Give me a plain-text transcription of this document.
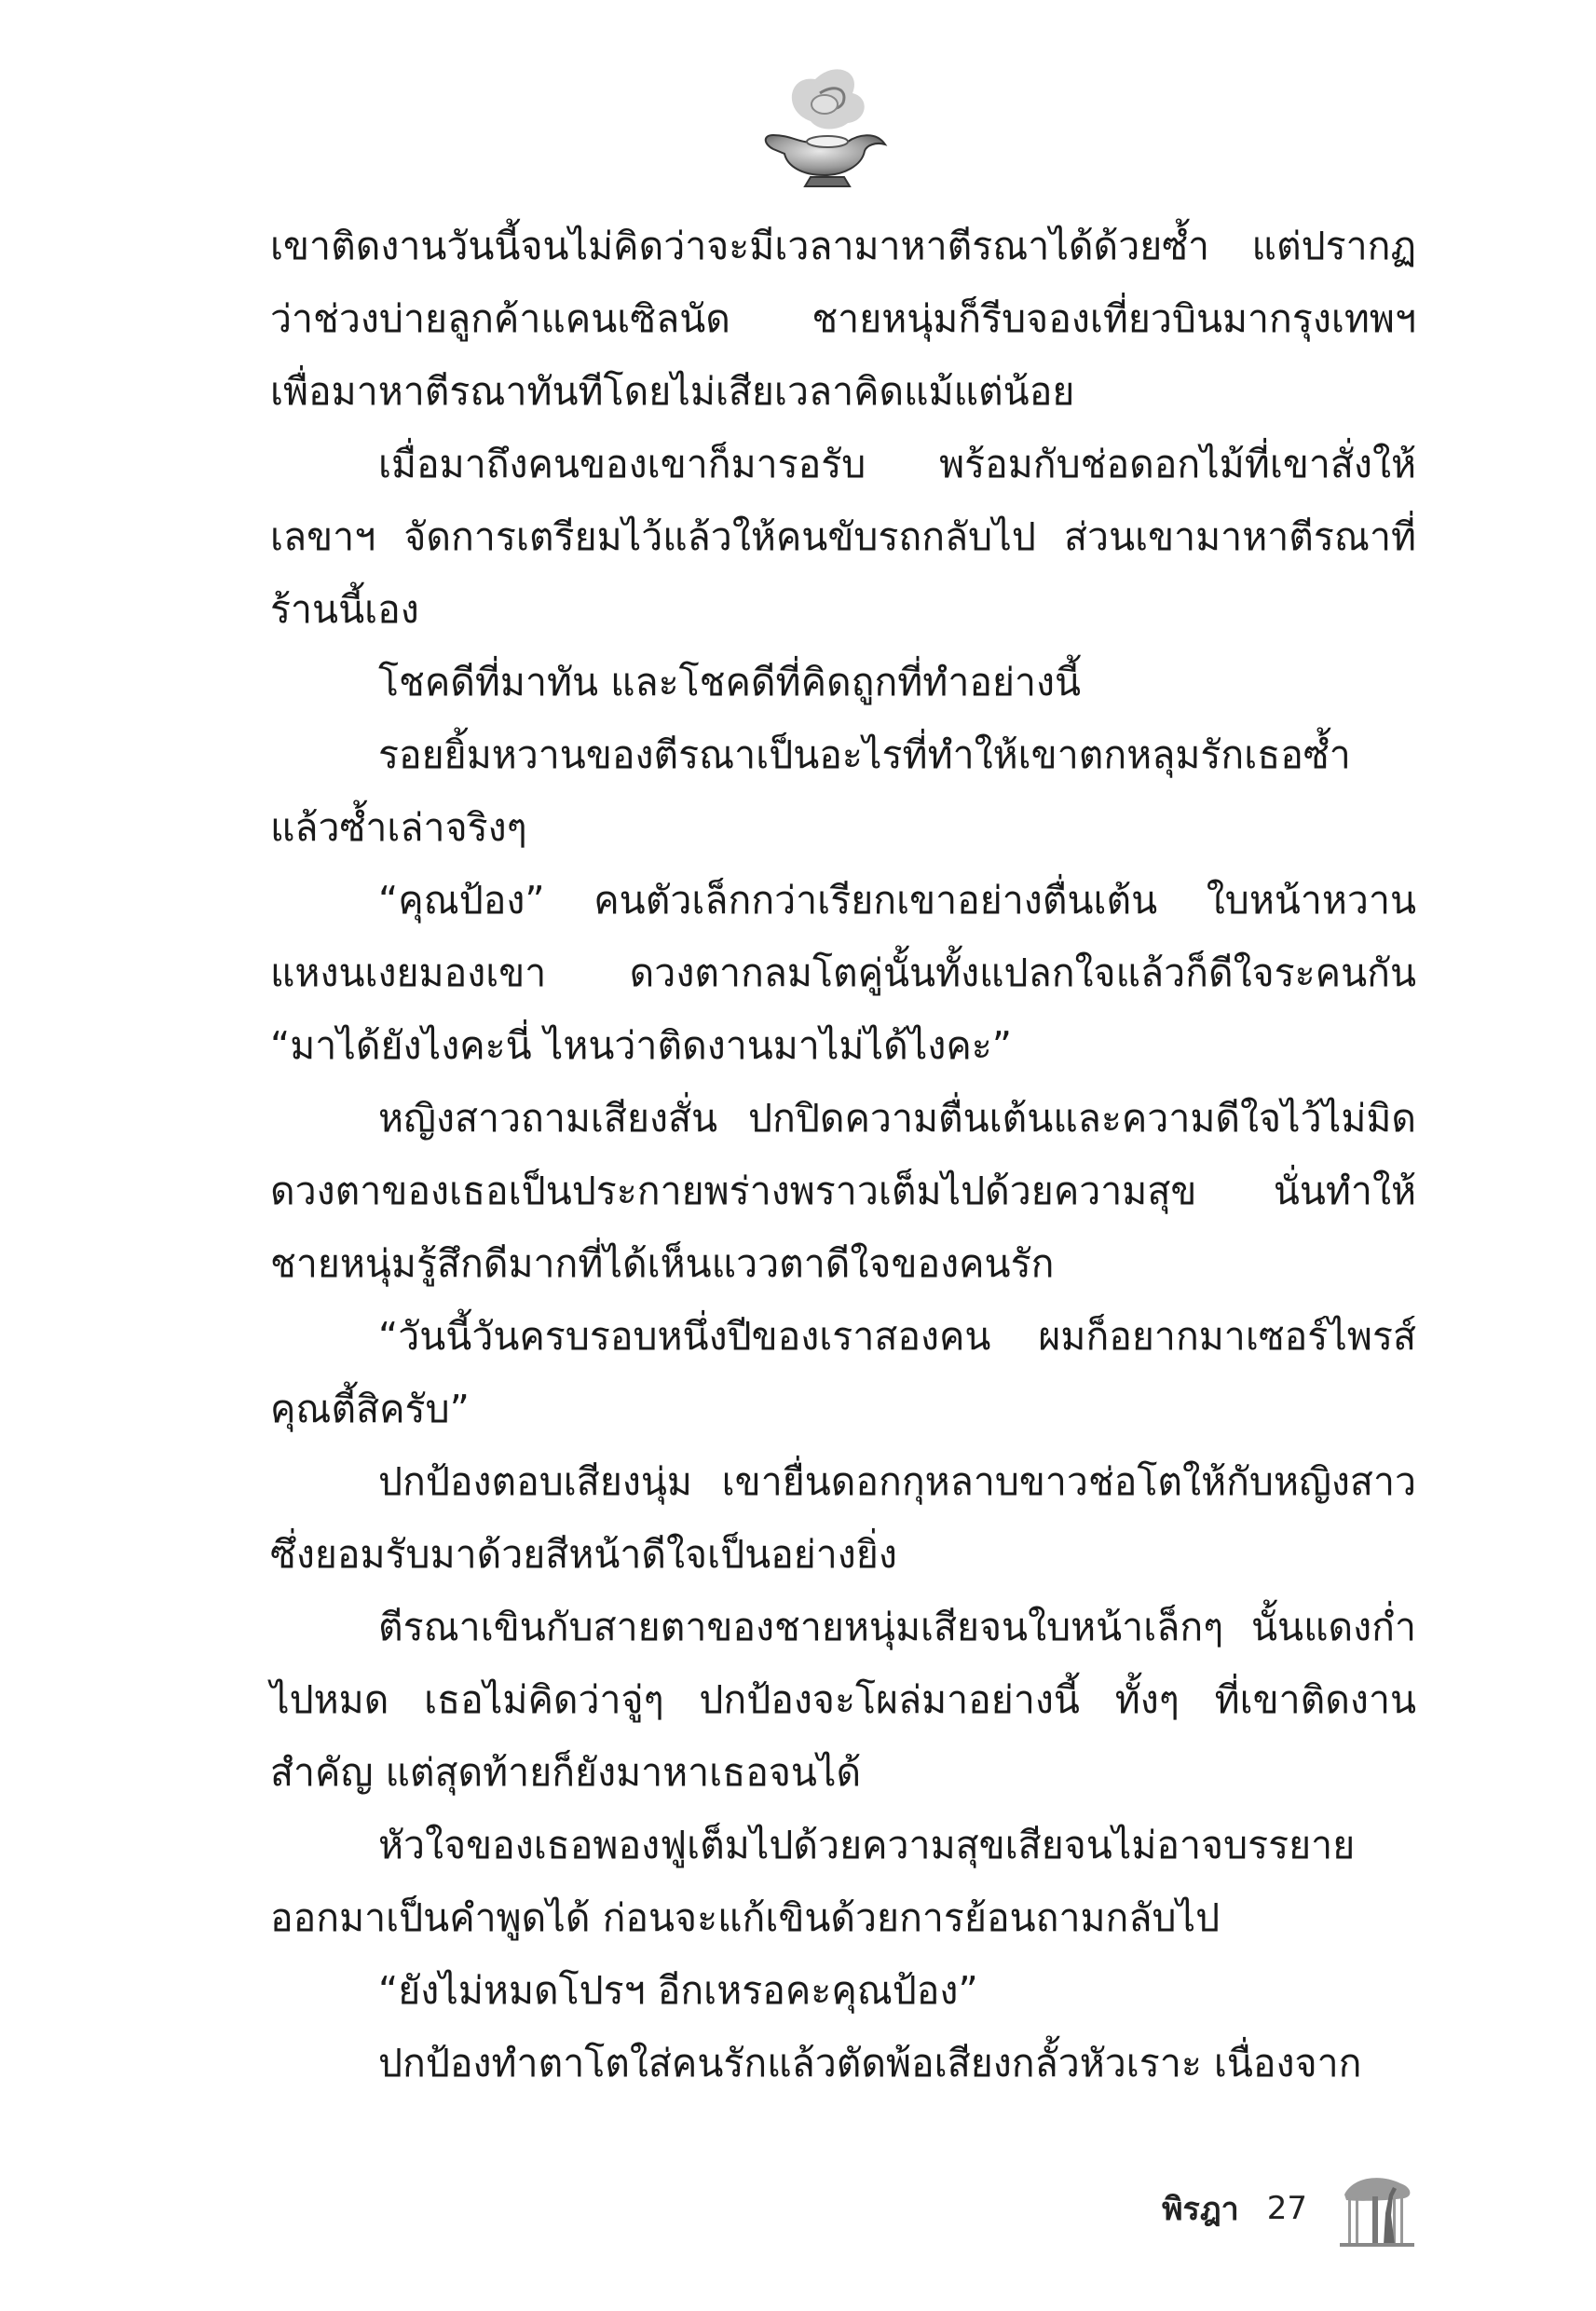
เขาติดงานวันนี้จนไม่คิดว่าจะมีเวลามาหาตีรณาได้ด้วยซ้ำ แต่ปรากฏว่าช่วงบ่ายลูกค้าแคนเซิลนัด ชายหนุ่มก็รีบจองเที่ยวบินมากรุงเทพฯ เพื่อมาหาตีรณาทันทีโดยไม่เสียเวลาคิดแม้แต่น้อย

เมื่อมาถึงคนของเขาก็มารอรับ พร้อมกับช่อดอกไม้ที่เขาสั่งให้เลขาฯ จัดการเตรียมไว้แล้วให้คนขับรถกลับไป ส่วนเขามาหาตีรณาที่ร้านนี้เอง

โชคดีที่มาทัน และโชคดีที่คิดถูกที่ทำอย่างนี้

รอยยิ้มหวานของตีรณาเป็นอะไรที่ทำให้เขาตกหลุมรักเธอซ้ำแล้วซ้ำเล่าจริงๆ

“คุณป้อง” คนตัวเล็กกว่าเรียกเขาอย่างตื่นเต้น ใบหน้าหวานแหงนเงยมองเขา ดวงตากลมโตคู่นั้นทั้งแปลกใจแล้วก็ดีใจระคนกัน “มาได้ยังไงคะนี่ ไหนว่าติดงานมาไม่ได้ไงคะ”

หญิงสาวถามเสียงสั่น ปกปิดความตื่นเต้นและความดีใจไว้ไม่มิด ดวงตาของเธอเป็นประกายพร่างพราวเต็มไปด้วยความสุข นั่นทำให้ชายหนุ่มรู้สึกดีมากที่ได้เห็นแววตาดีใจของคนรัก

“วันนี้วันครบรอบหนึ่งปีของเราสองคน ผมก็อยากมาเซอร์ไพรส์คุณตี้สิครับ”

ปกป้องตอบเสียงนุ่ม เขายื่นดอกกุหลาบขาวช่อโตให้กับหญิงสาว ซึ่งยอมรับมาด้วยสีหน้าดีใจเป็นอย่างยิ่ง

ตีรณาเขินกับสายตาของชายหนุ่มเสียจนใบหน้าเล็กๆ นั้นแดงก่ำไปหมด เธอไม่คิดว่าจู่ๆ ปกป้องจะโผล่มาอย่างนี้ ทั้งๆ ที่เขาติดงานสำคัญ แต่สุดท้ายก็ยังมาหาเธอจนได้

หัวใจของเธอพองฟูเต็มไปด้วยความสุขเสียจนไม่อาจบรรยายออกมาเป็นคำพูดได้ ก่อนจะแก้เขินด้วยการย้อนถามกลับไป

“ยังไม่หมดโปรฯ อีกเหรอคะคุณป้อง”

ปกป้องทำตาโตใส่คนรักแล้วตัดพ้อเสียงกลั้วหัวเราะ เนื่องจาก

พิรฎา 27
